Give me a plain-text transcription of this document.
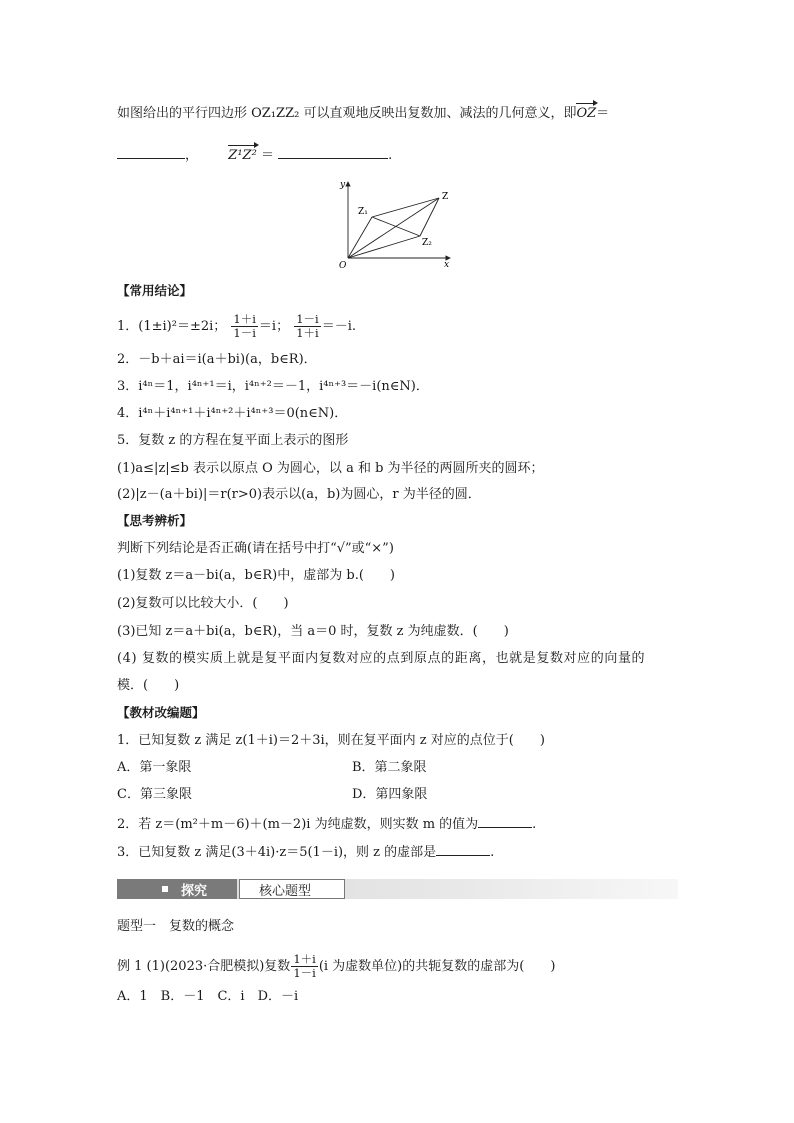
如图给出的平行四边形 OZ₁ZZ₂ 可以直观地反映出复数加、减法的几何意义，即OZ＝
， Z¹Z² ＝	.
y
x
O
Z
Z₁
Z₂
【常用结论】
1．(1±i)²＝±2i； $\frac{1+i}{1-i} =i$； $\frac{1-i}{1+i} =-i$.
2．－b＋ai＝i(a＋bi)(a，b∈R)．
3．i⁴ⁿ＝1，i⁴ⁿ⁺¹＝i，i⁴ⁿ⁺²＝－1，i⁴ⁿ⁺³＝－i(n∈N)．
4．i⁴ⁿ＋i⁴ⁿ⁺¹＋i⁴ⁿ⁺²＋i⁴ⁿ⁺³＝0(n∈N)．
5．复数 z 的方程在复平面上表示的图形
(1)a≤|z|≤b 表示以原点 O 为圆心，以 a 和 b 为半径的两圆所夹的圆环；
(2)|z－(a＋bi)|＝r(r>0)表示以(a，b)为圆心，r 为半径的圆．
【思考辨析】
判断下列结论是否正确(请在括号中打“√”或“×”)
(1)复数 z＝a－bi(a，b∈R)中，虚部为 b.(　　)
(2)复数可以比较大小．(　　)
(3)已知 z＝a＋bi(a，b∈R)，当 a＝0 时，复数 z 为纯虚数．(　　)
(4) 复数的模实质上就是复平面内复数对应的点到原点的距离，也就是复数对应的向量的
模．(　　)
【教材改编题】
1．已知复数 z 满足 z(1＋i)＝2＋3i，则在复平面内 z 对应的点位于(　　)
A．第一象限	B．第二象限
C．第三象限	D．第四象限
2．若 z＝(m²＋m－6)＋(m－2)i 为纯虚数，则实数 m 的值为	.
3．已知复数 z 满足(3＋4i)·z＝5(1－i)，则 z 的虚部是	.
探究	核心题型
题型一　复数的概念
例 1 (1)(2023·合肥模拟)复数 $\frac{1+i}{1-i} (i$ 为虚数单位)的共轭复数的虚部为(　　)
A．1　B．－1　C．i　D．－i
